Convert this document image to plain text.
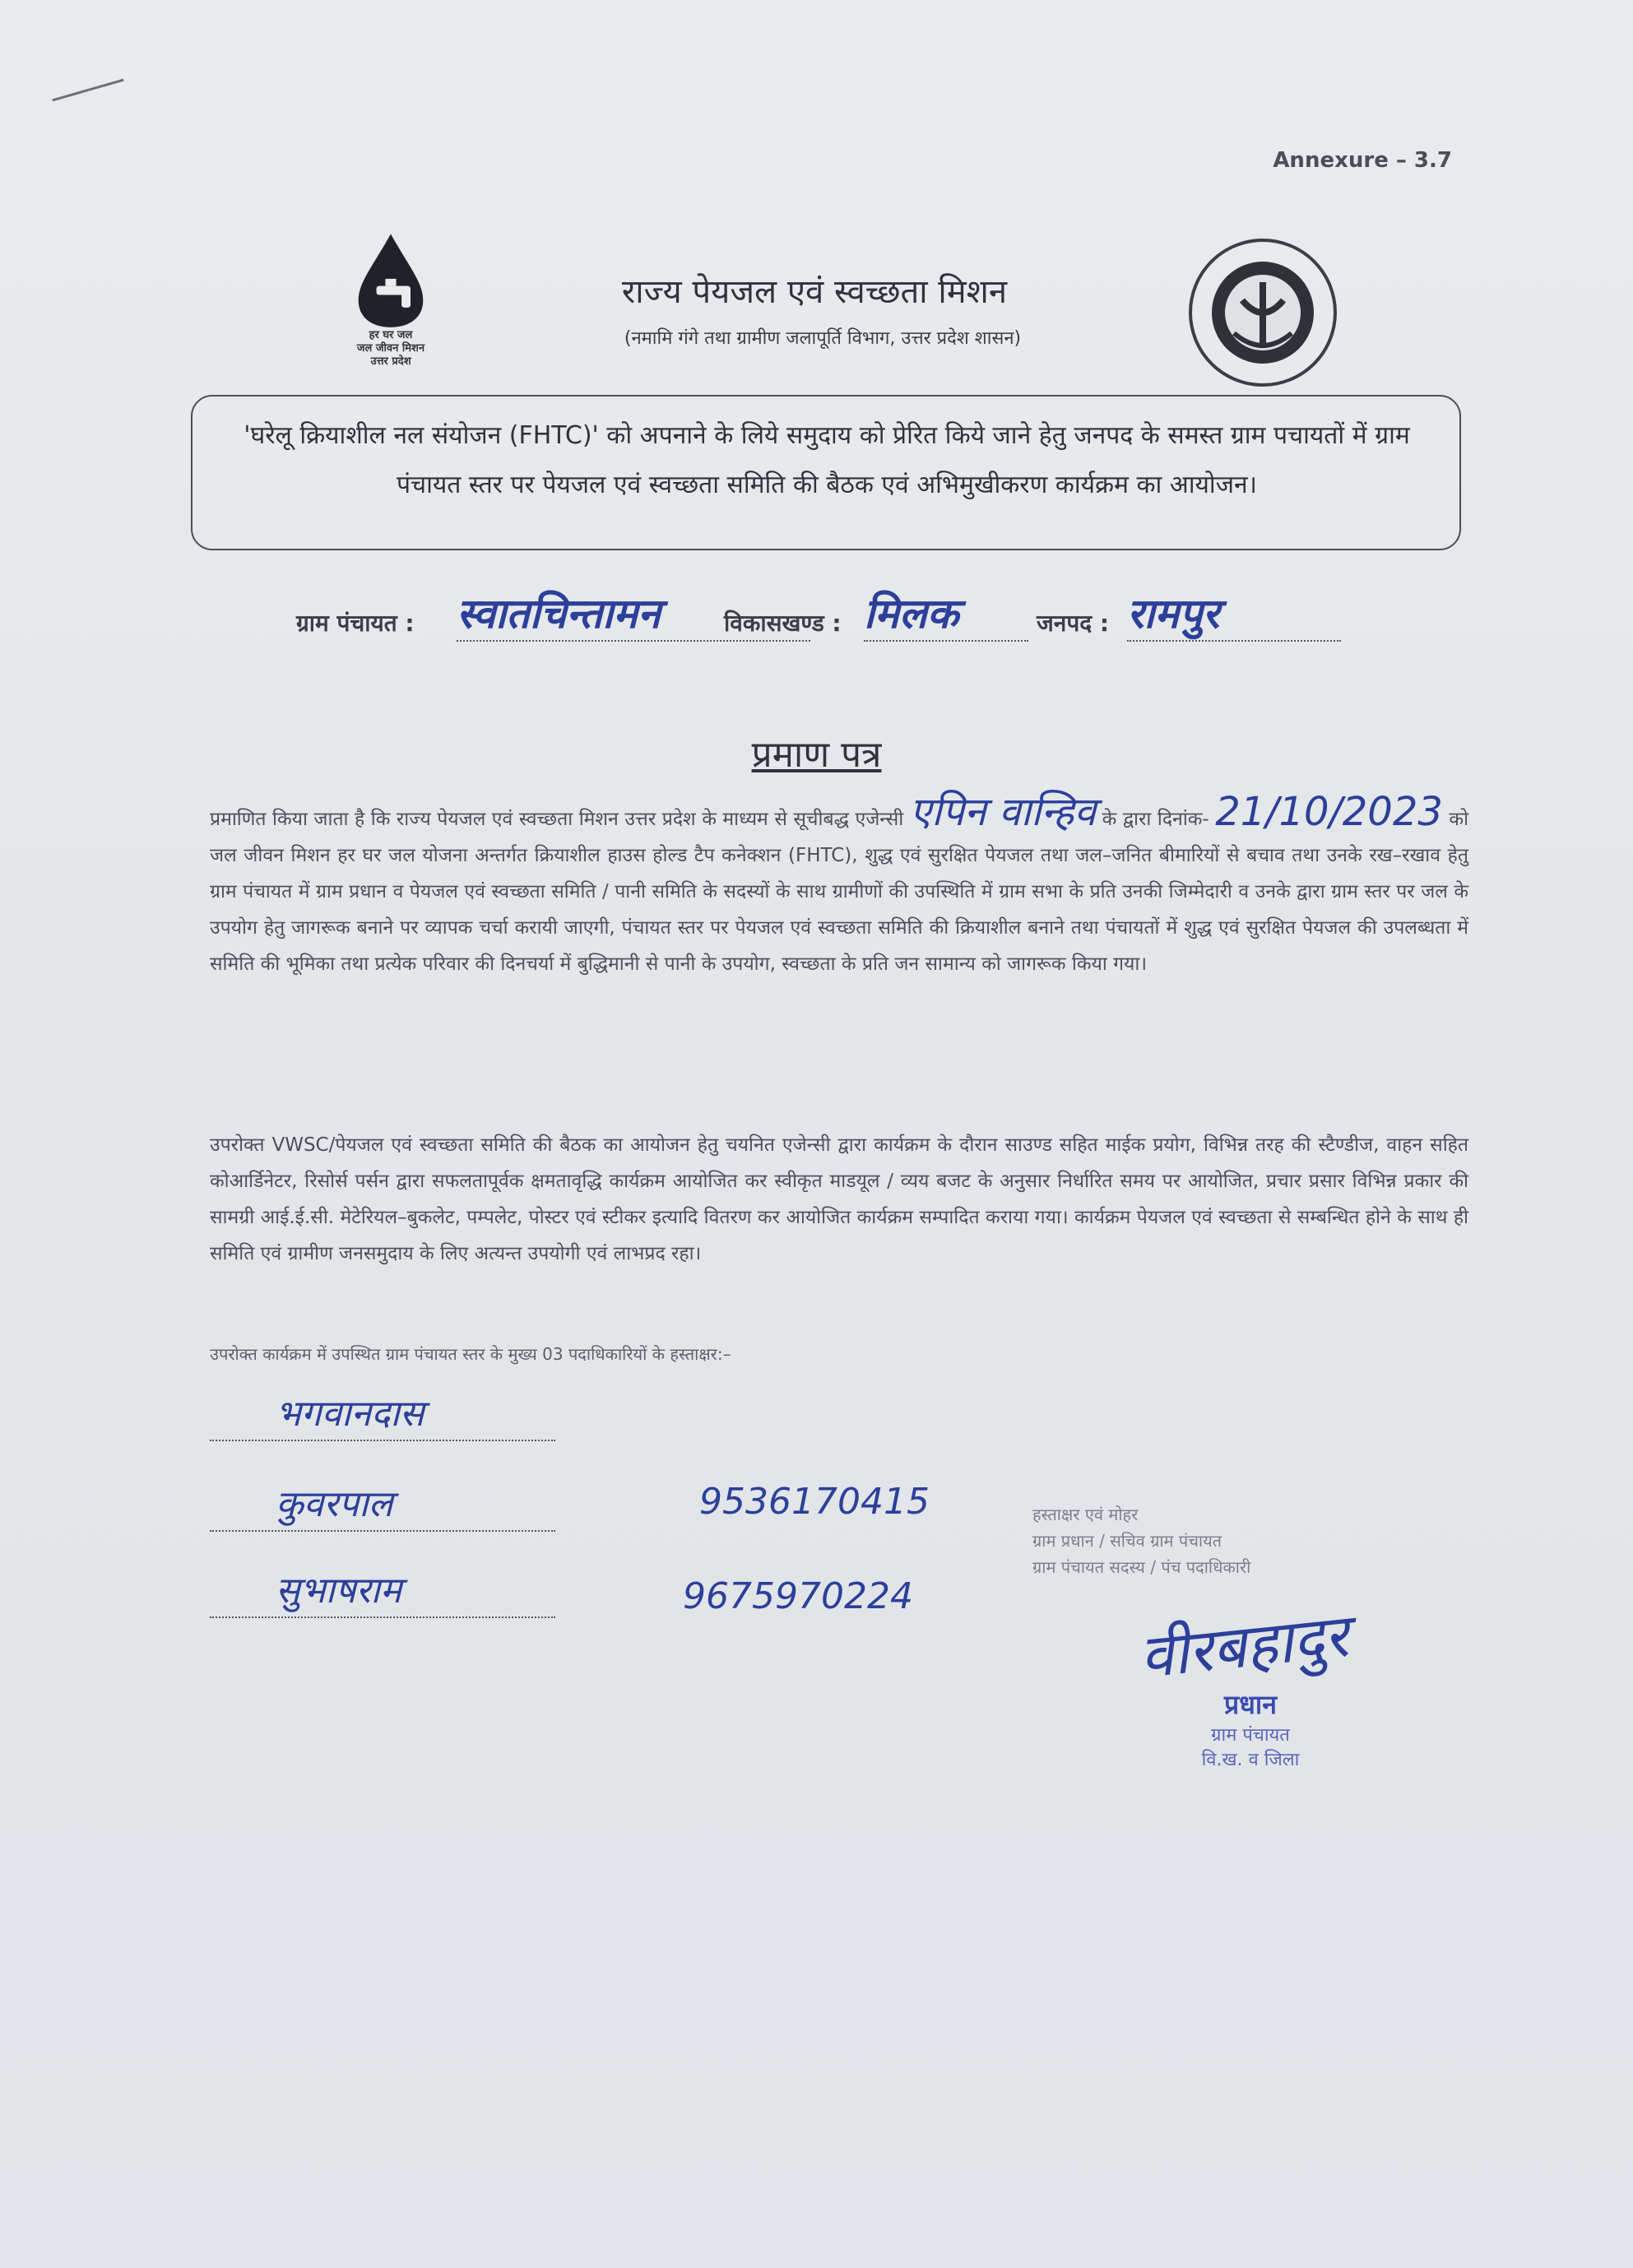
Annexure – 3.7
हर घर जल
जल जीवन मिशन
उत्तर प्रदेश
राज्य पेयजल एवं स्वच्छता मिशन
(नमामि गंगे तथा ग्रामीण जलापूर्ति विभाग, उत्तर प्रदेश शासन)
'घरेलू क्रियाशील नल संयोजन (FHTC)' को अपनाने के लिये समुदाय को प्रेरित किये जाने हेतु जनपद के समस्त ग्राम पचायतों में ग्राम पंचायत स्तर पर पेयजल एवं स्वच्छता समिति की बैठक एवं अभिमुखीकरण कार्यक्रम का आयोजन।
ग्राम पंचायत : स्वातचिन्तामन	विकासखण्ड : मिलक	जनपद : रामपुर
प्रमाण पत्र
प्रमाणित किया जाता है कि राज्य पेयजल एवं स्वच्छता मिशन उत्तर प्रदेश के माध्यम से सूचीबद्ध एजेन्सी एपिन वान्हिव के द्वारा दिनांक- 21/10/2023 को जल जीवन मिशन हर घर जल योजना अन्तर्गत क्रियाशील हाउस होल्ड टैप कनेक्शन (FHTC), शुद्ध एवं सुरक्षित पेयजल तथा जल–जनित बीमारियों से बचाव तथा उनके रख–रखाव हेतु ग्राम पंचायत में ग्राम प्रधान व पेयजल एवं स्वच्छता समिति / पानी समिति के सदस्यों के साथ ग्रामीणों की उपस्थिति में ग्राम सभा के प्रति उनकी जिम्मेदारी व उनके द्वारा ग्राम स्तर पर जल के उपयोग हेतु जागरूक बनाने पर व्यापक चर्चा करायी जाएगी, पंचायत स्तर पर पेयजल एवं स्वच्छता समिति की क्रियाशील बनाने तथा पंचायतों में शुद्ध एवं सुरक्षित पेयजल की उपलब्धता में समिति की भूमिका तथा प्रत्येक परिवार की दिनचर्या में बुद्धिमानी से पानी के उपयोग, स्वच्छता के प्रति जन सामान्य को जागरूक किया गया।
उपरोक्त VWSC/पेयजल एवं स्वच्छता समिति की बैठक का आयोजन हेतु चयनित एजेन्सी द्वारा कार्यक्रम के दौरान साउण्ड सहित माईक प्रयोग, विभिन्न तरह की स्टैण्डीज, वाहन सहित कोआर्डिनेटर, रिसोर्स पर्सन द्वारा सफलतापूर्वक क्षमतावृद्धि कार्यक्रम आयोजित कर स्वीकृत माडयूल / व्यय बजट के अनुसार निर्धारित समय पर आयोजित, प्रचार प्रसार विभिन्न प्रकार की सामग्री आई.ई.सी. मेटेरियल–बुकलेट, पम्पलेट, पोस्टर एवं स्टीकर इत्यादि वितरण कर आयोजित कार्यक्रम सम्पादित कराया गया। कार्यक्रम पेयजल एवं स्वच्छता से सम्बन्धित होने के साथ ही समिति एवं ग्रामीण जनसमुदाय के लिए अत्यन्त उपयोगी एवं लाभप्रद रहा।
उपरोक्त कार्यक्रम में उपस्थित ग्राम पंचायत स्तर के मुख्य 03 पदाधिकारियों के हस्ताक्षर:–
भगवानदास
कुवरपाल	9536170415
सुभाषराम	9675970224
हस्ताक्षर एवं मोहर
ग्राम प्रधान / सचिव ग्राम पंचायत
ग्राम पंचायत सदस्य / पंच पदाधिकारी
वीरबहादुर
प्रधान
ग्राम पंचायत
वि.ख. व जिला
